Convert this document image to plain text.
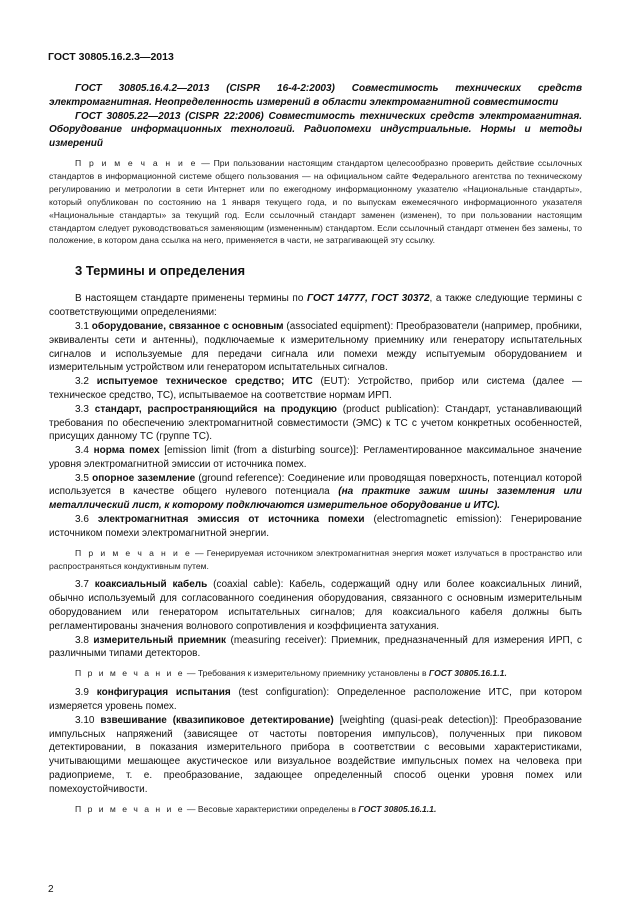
ГОСТ 30805.16.2.3—2013

ГОСТ 30805.16.4.2—2013 (CISPR 16-4-2:2003) Совместимость технических средств электромагнитная. Неопределенность измерений в области электромагнитной совместимости

ГОСТ 30805.22—2013 (CISPR 22:2006) Совместимость технических средств электромагнитная. Оборудование информационных технологий. Радиопомехи индустриальные. Нормы и методы измерений

П р и м е ч а н и е — При пользовании настоящим стандартом целесообразно проверить действие ссылочных стандартов в информационной системе общего пользования — на официальном сайте Федерального агентства по техническому регулированию и метрологии в сети Интернет или по ежегодному информационному указателю «Национальные стандарты», который опубликован по состоянию на 1 января текущего года, и по выпускам ежемесячного информационного указателя «Национальные стандарты» за текущий год. Если ссылочный стандарт заменен (изменен), то при пользовании настоящим стандартом следует руководствоваться заменяющим (измененным) стандартом. Если ссылочный стандарт отменен без замены, то положение, в котором дана ссылка на него, применяется в части, не затрагивающей эту ссылку.

3 Термины и определения

В настоящем стандарте применены термины по ГОСТ 14777, ГОСТ 30372, а также следующие термины с соответствующими определениями:

3.1 оборудование, связанное с основным (associated equipment): Преобразователи (например, пробники, эквиваленты сети и антенны), подключаемые к измерительному приемнику или генератору испытательных сигналов и используемые для передачи сигнала или помехи между испытуемым оборудованием и измерительным устройством или генератором испытательных сигналов.

3.2 испытуемое техническое средство; ИТС (EUT): Устройство, прибор или система (далее — техническое средство, ТС), испытываемое на соответствие нормам ИРП.

3.3 стандарт, распространяющийся на продукцию (product publication): Стандарт, устанавливающий требования по обеспечению электромагнитной совместимости (ЭМС) к ТС с учетом конкретных особенностей, присущих данному ТС (группе ТС).

3.4 норма помех [emission limit (from a disturbing source)]: Регламентированное максимальное значение уровня электромагнитной эмиссии от источника помех.

3.5 опорное заземление (ground reference): Соединение или проводящая поверхность, потенциал которой используется в качестве общего нулевого потенциала (на практике зажим шины заземления или металлический лист, к которому подключаются измерительное оборудование и ИТС).

3.6 электромагнитная эмиссия от источника помехи (electromagnetic emission): Генерирование источником помехи электромагнитной энергии.

П р и м е ч а н и е — Генерируемая источником электромагнитная энергия может излучаться в пространство или распространяться кондуктивным путем.

3.7 коаксиальный кабель (coaxial cable): Кабель, содержащий одну или более коаксиальных линий, обычно используемый для согласованного соединения оборудования, связанного с основным измерительным оборудованием или генератором испытательных сигналов; для коаксиального кабеля должны быть регламентированы значения волнового сопротивления и коэффициента затухания.

3.8 измерительный приемник (measuring receiver): Приемник, предназначенный для измерения ИРП, с различными типами детекторов.

П р и м е ч а н и е — Требования к измерительному приемнику установлены в ГОСТ 30805.16.1.1.

3.9 конфигурация испытания (test configuration): Определенное расположение ИТС, при котором измеряется уровень помех.

3.10 взвешивание (квазипиковое детектирование) [weighting (quasi-peak detection)]: Преобразование импульсных напряжений (зависящее от частоты повторения импульсов), полученных при пиковом детектировании, в показания измерительного прибора в соответствии с весовыми характеристиками, учитывающими мешающее акустическое или визуальное воздействие импульсных помех на человека при радиоприеме, т. е. преобразование, задающее определенный способ оценки уровня помех или помехоустойчивости.

П р и м е ч а н и е — Весовые характеристики определены в ГОСТ 30805.16.1.1.

2
